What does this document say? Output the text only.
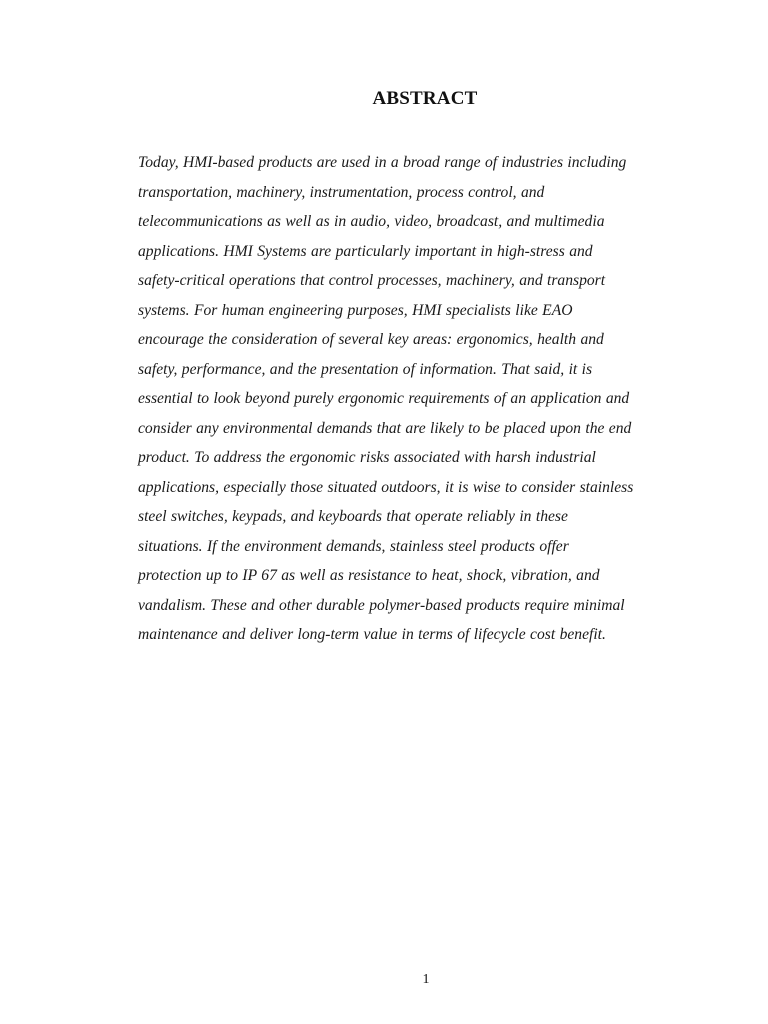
ABSTRACT

Today, HMI-based products are used in a broad range of industries including
transportation, machinery, instrumentation, process control, and
telecommunications as well as in audio, video, broadcast, and multimedia
applications. HMI Systems are particularly important in high-stress and
safety-critical operations that control processes, machinery, and transport
systems. For human engineering purposes, HMI specialists like EAO
encourage the consideration of several key areas: ergonomics, health and
safety, performance, and the presentation of information. That said, it is
essential to look beyond purely ergonomic requirements of an application and
consider any environmental demands that are likely to be placed upon the end
product. To address the ergonomic risks associated with harsh industrial
applications, especially those situated outdoors, it is wise to consider stainless
steel switches, keypads, and keyboards that operate reliably in these
situations. If the environment demands, stainless steel products offer
protection up to IP 67 as well as resistance to heat, shock, vibration, and
vandalism. These and other durable polymer-based products require minimal
maintenance and deliver long-term value in terms of lifecycle cost benefit.

1
